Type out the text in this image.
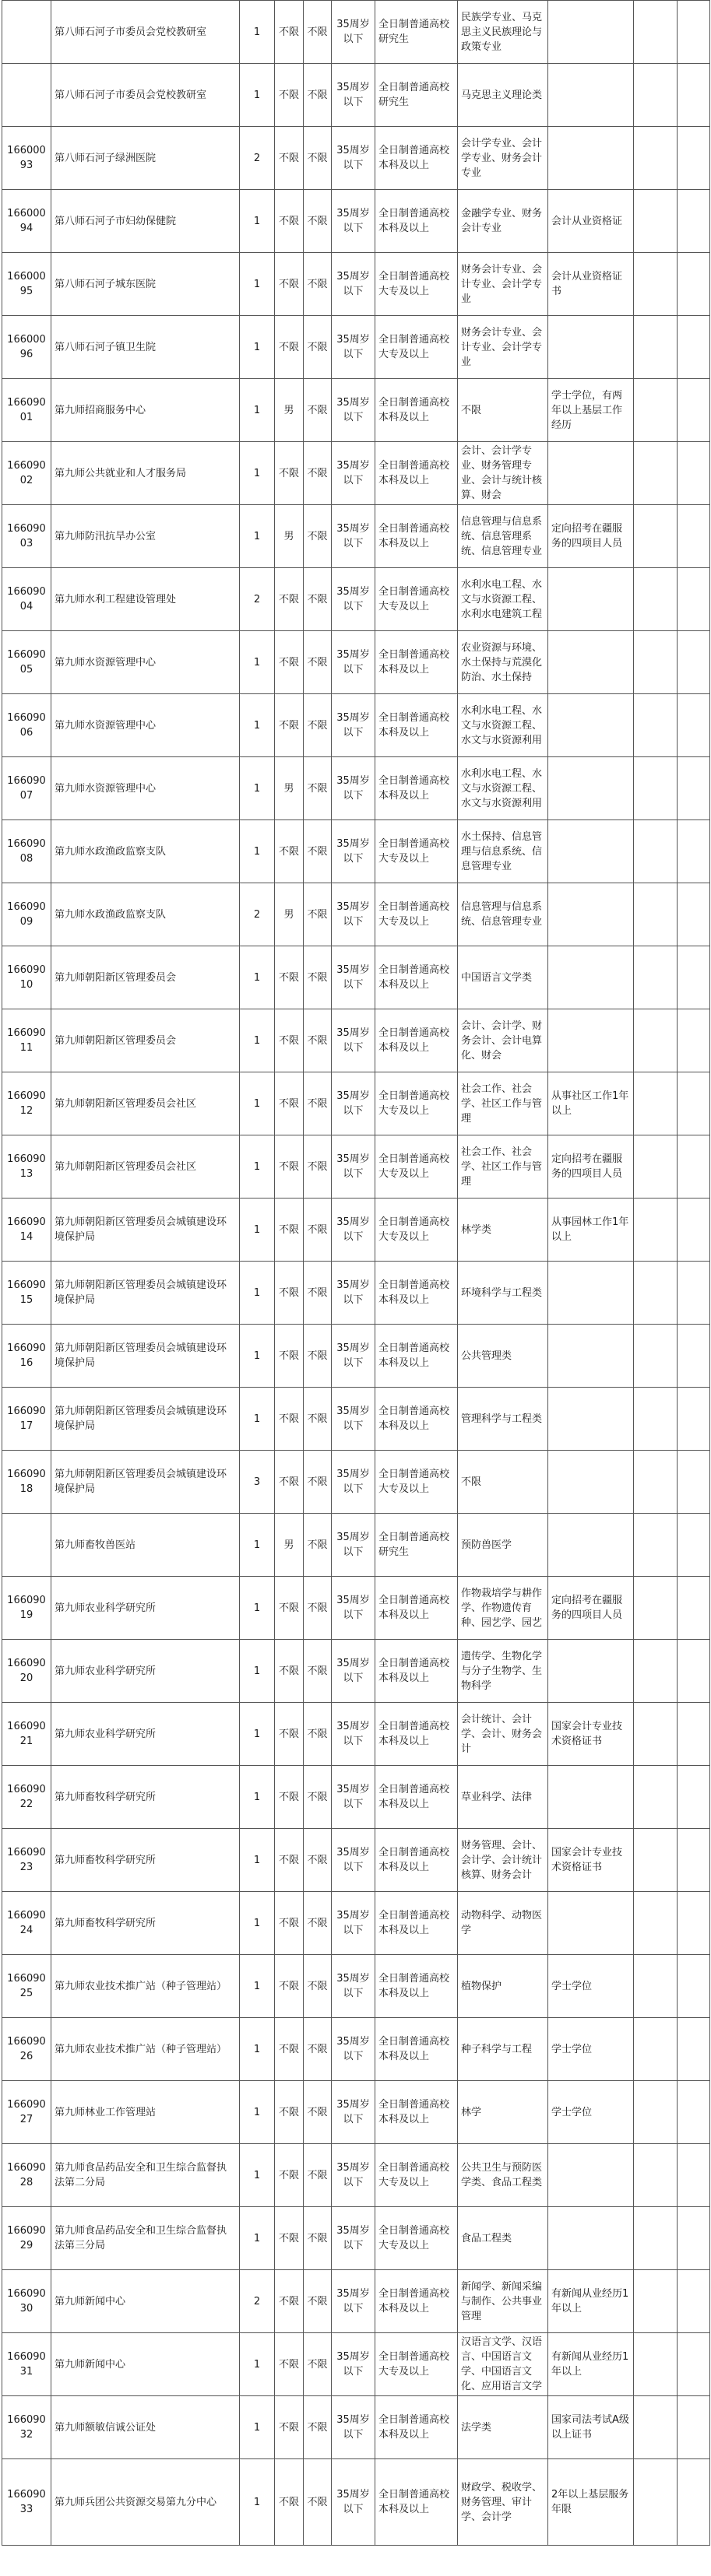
	第八师石河子市委员会党校教研室	1	不限	不限	35周岁以下	全日制普通高校研究生	民族学专业、马克思主义民族理论与政策专业			
	第八师石河子市委员会党校教研室	1	不限	不限	35周岁以下	全日制普通高校研究生	马克思主义理论类			
16600093	第八师石河子绿洲医院	2	不限	不限	35周岁以下	全日制普通高校本科及以上	会计学专业、会计学专业、财务会计专业			
16600094	第八师石河子市妇幼保健院	1	不限	不限	35周岁以下	全日制普通高校本科及以上	金融学专业、财务会计专业	会计从业资格证		
16600095	第八师石河子城东医院	1	不限	不限	35周岁以下	全日制普通高校大专及以上	财务会计专业、会计专业、会计学专业	会计从业资格证书		
16600096	第八师石河子镇卫生院	1	不限	不限	35周岁以下	全日制普通高校大专及以上	财务会计专业、会计专业、会计学专业			
16609001	第九师招商服务中心	1	男	不限	35周岁以下	全日制普通高校本科及以上	不限	学士学位，有两年以上基层工作经历		
16609002	第九师公共就业和人才服务局	1	不限	不限	35周岁以下	全日制普通高校本科及以上	会计、会计学专业、财务管理专业、会计与统计核算、财会			
16609003	第九师防汛抗旱办公室	1	男	不限	35周岁以下	全日制普通高校本科及以上	信息管理与信息系统、信息管理系统、信息管理专业	定向招考在疆服务的四项目人员		
16609004	第九师水利工程建设管理处	2	不限	不限	35周岁以下	全日制普通高校大专及以上	水利水电工程、水文与水资源工程、水利水电建筑工程			
16609005	第九师水资源管理中心	1	不限	不限	35周岁以下	全日制普通高校本科及以上	农业资源与环境、水土保持与荒漠化防治、水土保持			
16609006	第九师水资源管理中心	1	不限	不限	35周岁以下	全日制普通高校本科及以上	水利水电工程、水文与水资源工程、水文与水资源利用			
16609007	第九师水资源管理中心	1	男	不限	35周岁以下	全日制普通高校本科及以上	水利水电工程、水文与水资源工程、水文与水资源利用			
16609008	第九师水政渔政监察支队	1	不限	不限	35周岁以下	全日制普通高校大专及以上	水土保持、信息管理与信息系统、信息管理专业			
16609009	第九师水政渔政监察支队	2	男	不限	35周岁以下	全日制普通高校大专及以上	信息管理与信息系统、信息管理专业			
16609010	第九师朝阳新区管理委员会	1	不限	不限	35周岁以下	全日制普通高校本科及以上	中国语言文学类			
16609011	第九师朝阳新区管理委员会	1	不限	不限	35周岁以下	全日制普通高校本科及以上	会计、会计学、财务会计、会计电算化、财会			
16609012	第九师朝阳新区管理委员会社区	1	不限	不限	35周岁以下	全日制普通高校大专及以上	社会工作、社会学、社区工作与管理	从事社区工作1年以上		
16609013	第九师朝阳新区管理委员会社区	1	不限	不限	35周岁以下	全日制普通高校大专及以上	社会工作、社会学、社区工作与管理	定向招考在疆服务的四项目人员		
16609014	第九师朝阳新区管理委员会城镇建设环境保护局	1	不限	不限	35周岁以下	全日制普通高校大专及以上	林学类	从事园林工作1年以上		
16609015	第九师朝阳新区管理委员会城镇建设环境保护局	1	不限	不限	35周岁以下	全日制普通高校本科及以上	环境科学与工程类			
16609016	第九师朝阳新区管理委员会城镇建设环境保护局	1	不限	不限	35周岁以下	全日制普通高校本科及以上	公共管理类			
16609017	第九师朝阳新区管理委员会城镇建设环境保护局	1	不限	不限	35周岁以下	全日制普通高校本科及以上	管理科学与工程类			
16609018	第九师朝阳新区管理委员会城镇建设环境保护局	3	不限	不限	35周岁以下	全日制普通高校大专及以上	不限			
	第九师畜牧兽医站	1	男	不限	35周岁以下	全日制普通高校研究生	预防兽医学			
16609019	第九师农业科学研究所	1	不限	不限	35周岁以下	全日制普通高校本科及以上	作物栽培学与耕作学、作物遗传育种、园艺学、园艺	定向招考在疆服务的四项目人员		
16609020	第九师农业科学研究所	1	不限	不限	35周岁以下	全日制普通高校本科及以上	遗传学、生物化学与分子生物学、生物科学			
16609021	第九师农业科学研究所	1	不限	不限	35周岁以下	全日制普通高校本科及以上	会计统计、会计学、会计、财务会计	国家会计专业技术资格证书		
16609022	第九师畜牧科学研究所	1	不限	不限	35周岁以下	全日制普通高校本科及以上	草业科学、法律			
16609023	第九师畜牧科学研究所	1	不限	不限	35周岁以下	全日制普通高校本科及以上	财务管理、会计、会计学、会计统计核算、财务会计	国家会计专业技术资格证书		
16609024	第九师畜牧科学研究所	1	不限	不限	35周岁以下	全日制普通高校本科及以上	动物科学、动物医学			
16609025	第九师农业技术推广站（种子管理站）	1	不限	不限	35周岁以下	全日制普通高校本科及以上	植物保护	学士学位		
16609026	第九师农业技术推广站（种子管理站）	1	不限	不限	35周岁以下	全日制普通高校本科及以上	种子科学与工程	学士学位		
16609027	第九师林业工作管理站	1	不限	不限	35周岁以下	全日制普通高校本科及以上	林学	学士学位		
16609028	第九师食品药品安全和卫生综合监督执法第二分局	1	不限	不限	35周岁以下	全日制普通高校大专及以上	公共卫生与预防医学类、食品工程类			
16609029	第九师食品药品安全和卫生综合监督执法第三分局	1	不限	不限	35周岁以下	全日制普通高校大专及以上	食品工程类			
16609030	第九师新闻中心	2	不限	不限	35周岁以下	全日制普通高校本科及以上	新闻学、新闻采编与制作、公共事业管理	有新闻从业经历1年以上		
16609031	第九师新闻中心	1	不限	不限	35周岁以下	全日制普通高校大专及以上	汉语言文学、汉语言、中国语言文学、中国语言文化、应用语言文学	有新闻从业经历1年以上		
16609032	第九师额敏信诚公证处	1	不限	不限	35周岁以下	全日制普通高校本科及以上	法学类	国家司法考试A级以上证书		
16609033	第九师兵团公共资源交易第九分中心	1	不限	不限	35周岁以下	全日制普通高校本科及以上	财政学、税收学、财务管理、审计学、会计学	2年以上基层服务年限		
